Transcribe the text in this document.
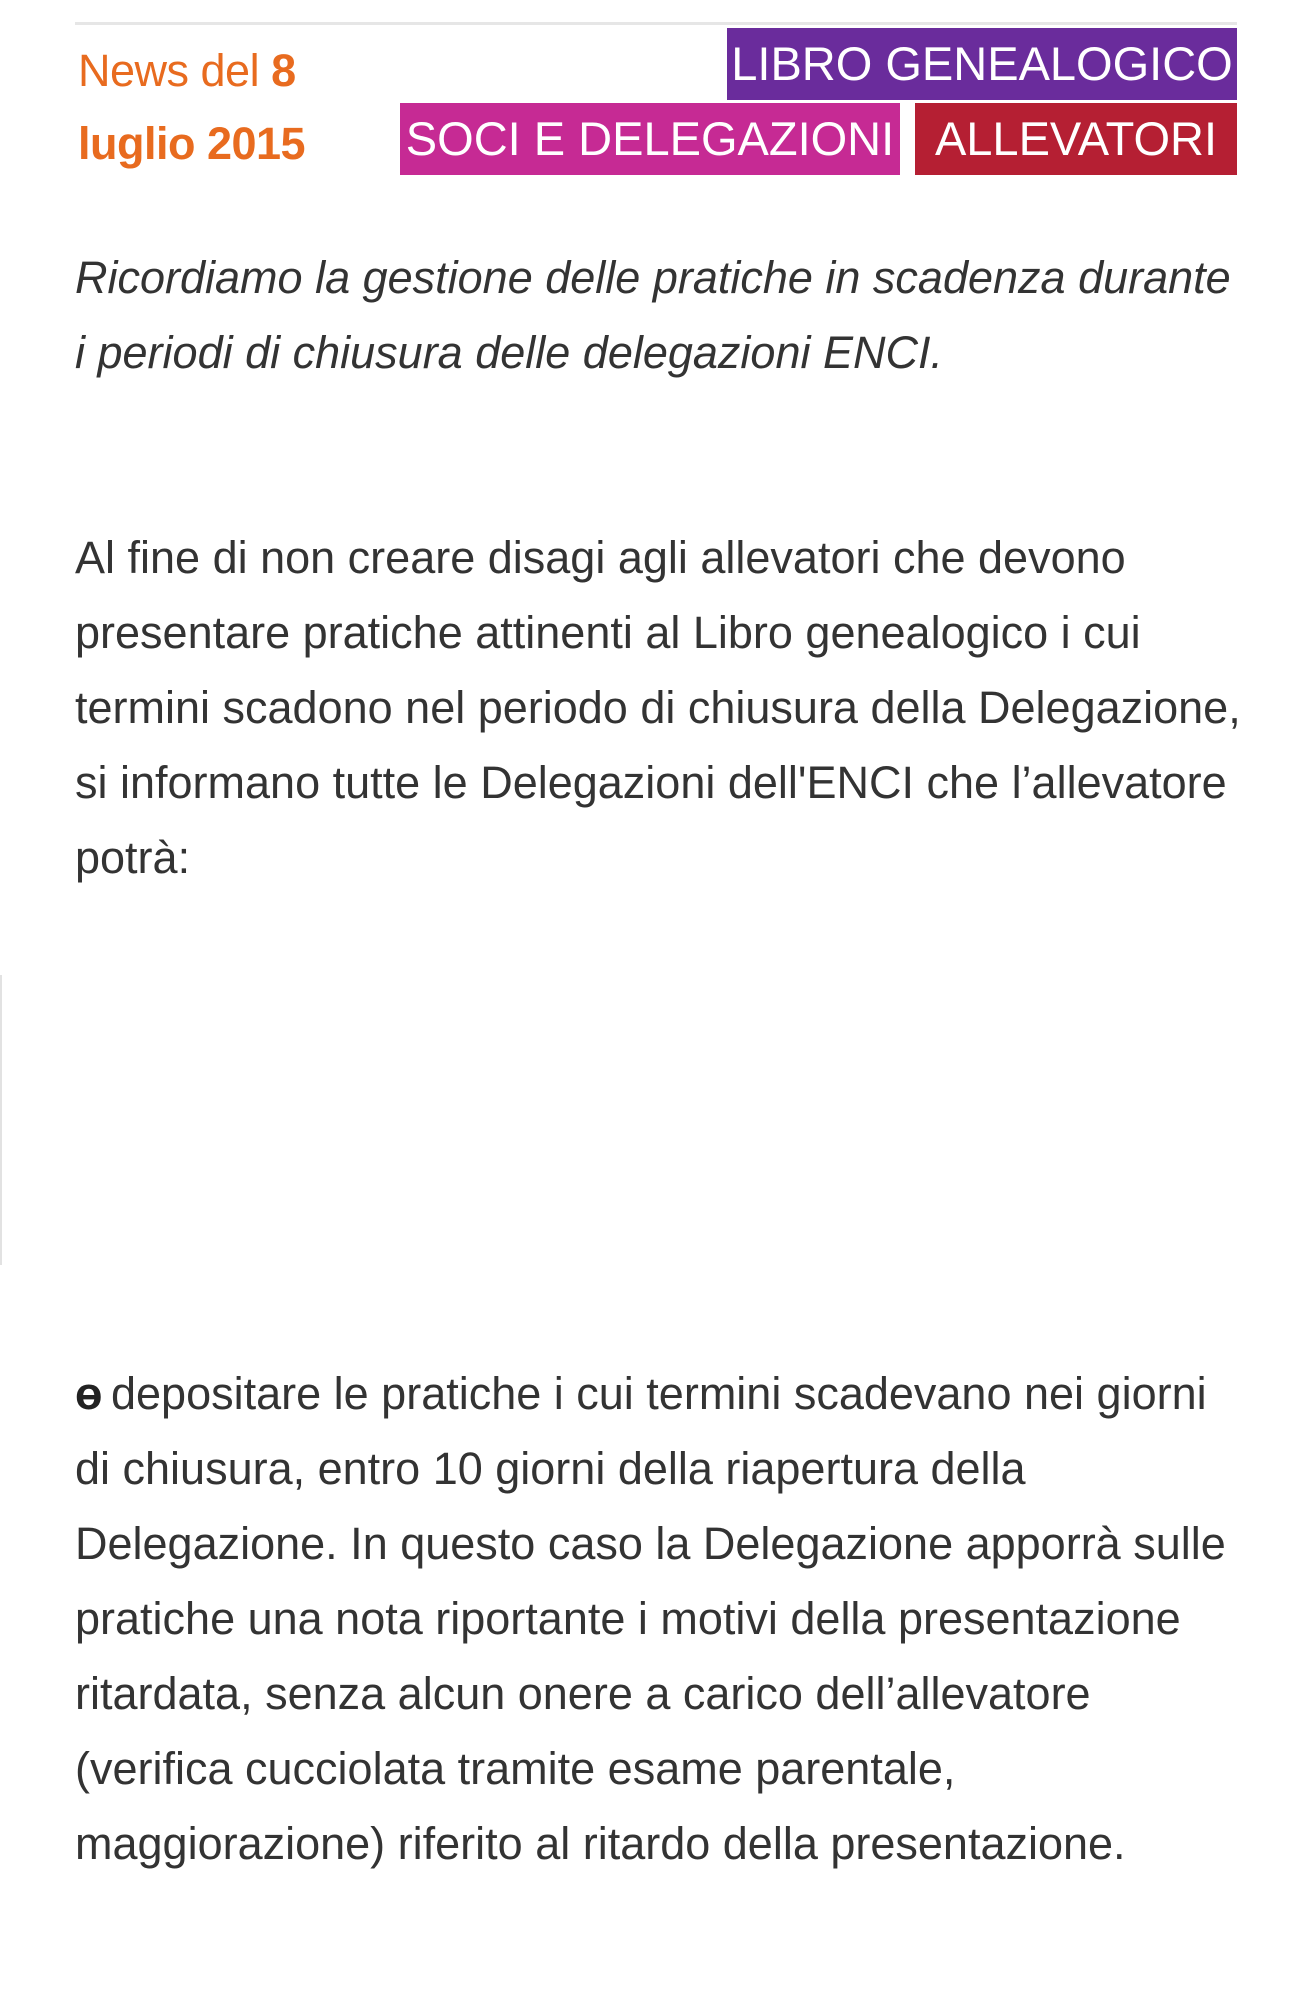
News del 8
luglio 2015
LIBRO GENEALOGICO
SOCI E DELEGAZIONI ALLEVATORI

Ricordiamo la gestione delle pratiche in scadenza durante i periodi di chiusura delle delegazioni ENCI.

Al fine di non creare disagi agli allevatori che devono presentare pratiche attinenti al Libro genealogico i cui termini scadono nel periodo di chiusura della Delegazione, si informano tutte le Delegazioni dell'ENCI che l’allevatore potrà:

ɵ depositare le pratiche i cui termini scadevano nei giorni di chiusura, entro 10 giorni della riapertura della Delegazione. In questo caso la Delegazione apporrà sulle pratiche una nota riportante i motivi della presentazione ritardata, senza alcun onere a carico dell’allevatore (verifica cucciolata tramite esame parentale, maggiorazione) riferito al ritardo della presentazione.
